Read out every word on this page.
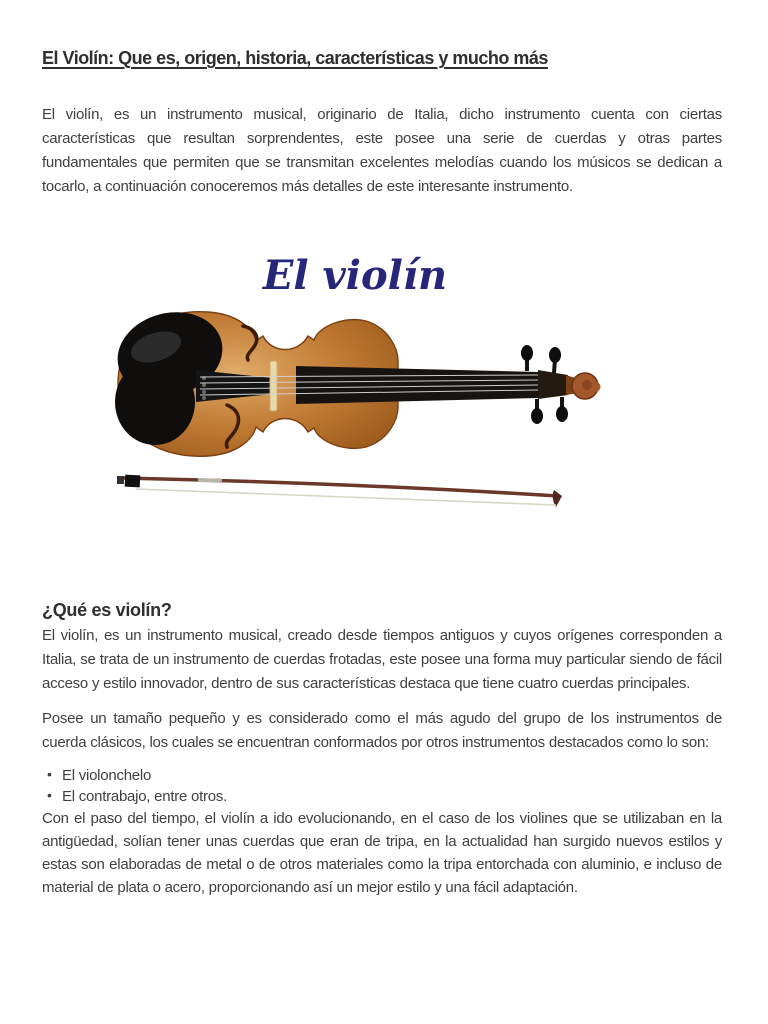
El Violín: Que es, origen, historia, características y mucho más

El violín, es un instrumento musical, originario de Italia, dicho instrumento cuenta con ciertas características que resultan sorprendentes, este posee una serie de cuerdas y otras partes fundamentales que permiten que se transmitan excelentes melodías cuando los músicos se dedican a tocarlo, a continuación conoceremos más detalles de este interesante instrumento.

El violín
¿Qué es violín?

El violín, es un instrumento musical, creado desde tiempos antiguos y cuyos orígenes corresponden a Italia, se trata de un instrumento de cuerdas frotadas, este posee una forma muy particular siendo de fácil acceso y estilo innovador, dentro de sus características destaca que tiene cuatro cuerdas principales.

Posee un tamaño pequeño y es considerado como el más agudo del grupo de los instrumentos de cuerda clásicos, los cuales se encuentran conformados por otros instrumentos destacados como lo son:

• El violonchelo
• El contrabajo, entre otros.

Con el paso del tiempo, el violín a ido evolucionando, en el caso de los violines que se utilizaban en la antigüedad, solían tener unas cuerdas que eran de tripa, en la actualidad han surgido nuevos estilos y estas son elaboradas de metal o de otros materiales como la tripa entorchada con aluminio, e incluso de material de plata o acero, proporcionando así un mejor estilo y una fácil adaptación.
